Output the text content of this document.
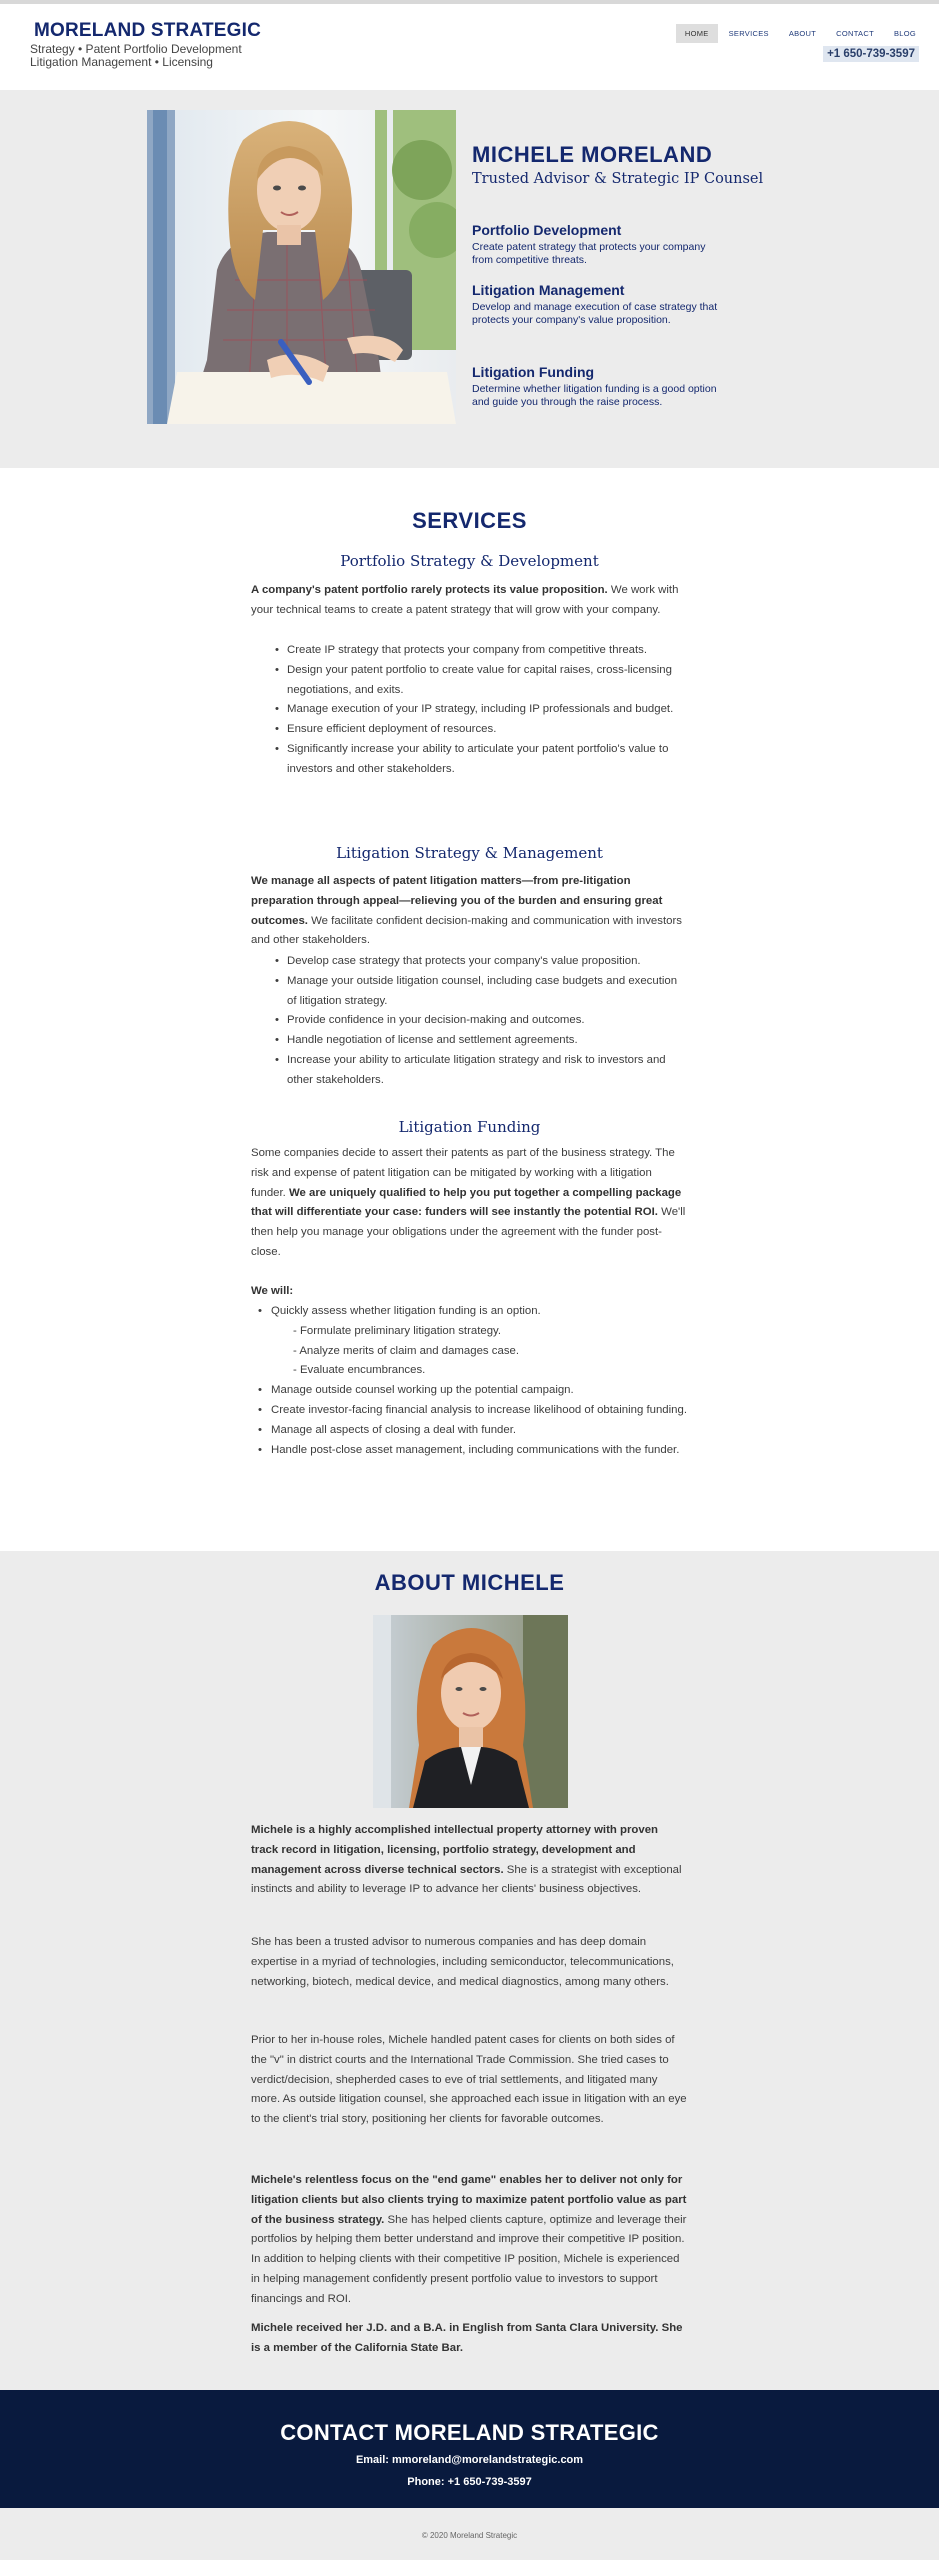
MORELAND STRATEGIC
Strategy • Patent Portfolio Development
Litigation Management • Licensing
HOME	SERVICES	ABOUT	CONTACT	BLOG
+1 650-739-3597
MICHELE MORELAND
Trusted Advisor & Strategic IP Counsel
Portfolio Development

Create patent strategy that protects your company from competitive threats.

Litigation Management

Develop and manage execution of case strategy that protects your company's value proposition.

Litigation Funding

Determine whether litigation funding is a good option and guide you through the raise process.

SERVICES
Portfolio Strategy & Development
A company's patent portfolio rarely protects its value proposition. We work with your technical teams to create a patent strategy that will grow with your company.
• Create IP strategy that protects your company from competitive threats.
• Design your patent portfolio to create value for capital raises, cross-licensing negotiations, and exits.
• Manage execution of your IP strategy, including IP professionals and budget.
• Ensure efficient deployment of resources.
• Significantly increase your ability to articulate your patent portfolio's value to investors and other stakeholders.
Litigation Strategy & Management
We manage all aspects of patent litigation matters—from pre-litigation preparation through appeal—relieving you of the burden and ensuring great outcomes. We facilitate confident decision-making and communication with investors and other stakeholders.
• Develop case strategy that protects your company's value proposition.
• Manage your outside litigation counsel, including case budgets and execution of litigation strategy.
• Provide confidence in your decision-making and outcomes.
• Handle negotiation of license and settlement agreements.
• Increase your ability to articulate litigation strategy and risk to investors and other stakeholders.
Litigation Funding
Some companies decide to assert their patents as part of the business strategy. The risk and expense of patent litigation can be mitigated by working with a litigation funder. We are uniquely qualified to help you put together a compelling package that will differentiate your case: funders will see instantly the potential ROI. We'll then help you manage your obligations under the agreement with the funder post-close.
We will:
• Quickly assess whether litigation funding is an option.
- Formulate preliminary litigation strategy.
- Analyze merits of claim and damages case.
- Evaluate encumbrances.
• Manage outside counsel working up the potential campaign.
• Create investor-facing financial analysis to increase likelihood of obtaining funding.
• Manage all aspects of closing a deal with funder.
• Handle post-close asset management, including communications with the funder.
ABOUT MICHELE
Michele is a highly accomplished intellectual property attorney with proven track record in litigation, licensing, portfolio strategy, development and management across diverse technical sectors. She is a strategist with exceptional instincts and ability to leverage IP to advance her clients' business objectives.
She has been a trusted advisor to numerous companies and has deep domain expertise in a myriad of technologies, including semiconductor, telecommunications, networking, biotech, medical device, and medical diagnostics, among many others.
Prior to her in-house roles, Michele handled patent cases for clients on both sides of the "v" in district courts and the International Trade Commission. She tried cases to verdict/decision, shepherded cases to eve of trial settlements, and litigated many more. As outside litigation counsel, she approached each issue in litigation with an eye to the client's trial story, positioning her clients for favorable outcomes.
Michele's relentless focus on the "end game" enables her to deliver not only for litigation clients but also clients trying to maximize patent portfolio value as part of the business strategy. She has helped clients capture, optimize and leverage their portfolios by helping them better understand and improve their competitive IP position. In addition to helping clients with their competitive IP position, Michele is experienced in helping management confidently present portfolio value to investors to support financings and ROI.
Michele received her J.D. and a B.A. in English from Santa Clara University. She is a member of the California State Bar.
CONTACT MORELAND STRATEGIC
Email: mmoreland@morelandstrategic.com
Phone: +1 650-739-3597
© 2020 Moreland Strategic
